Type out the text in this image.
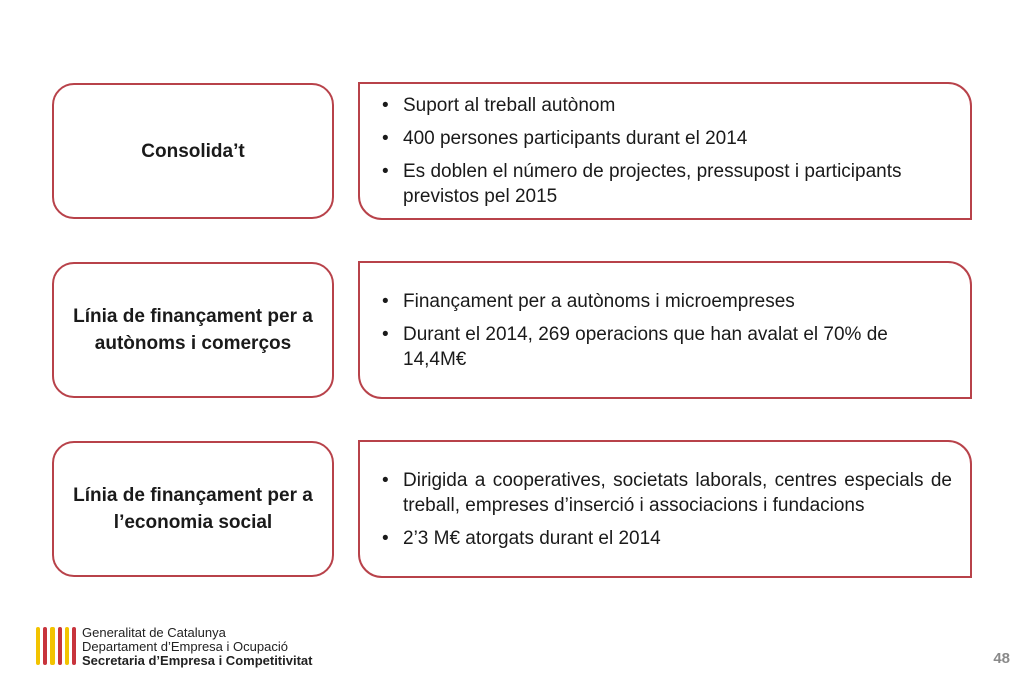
Consolida’t
• Suport al treball autònom
• 400 persones participants durant el 2014
• Es doblen el número de projectes, pressupost i participants previstos pel 2015
Línia de finançament per a autònoms i comerços
• Finançament per a autònoms i microempreses
• Durant el 2014, 269 operacions que han avalat el 70% de 14,4M€
Línia de finançament per a l’economia social
• Dirigida a cooperatives, societats laborals, centres especials de treball, empreses d’inserció i associacions i fundacions
• 2’3 M€ atorgats durant el 2014
Generalitat de Catalunya
Departament d’Empresa i Ocupació
Secretaria d’Empresa i Competitivitat	48
